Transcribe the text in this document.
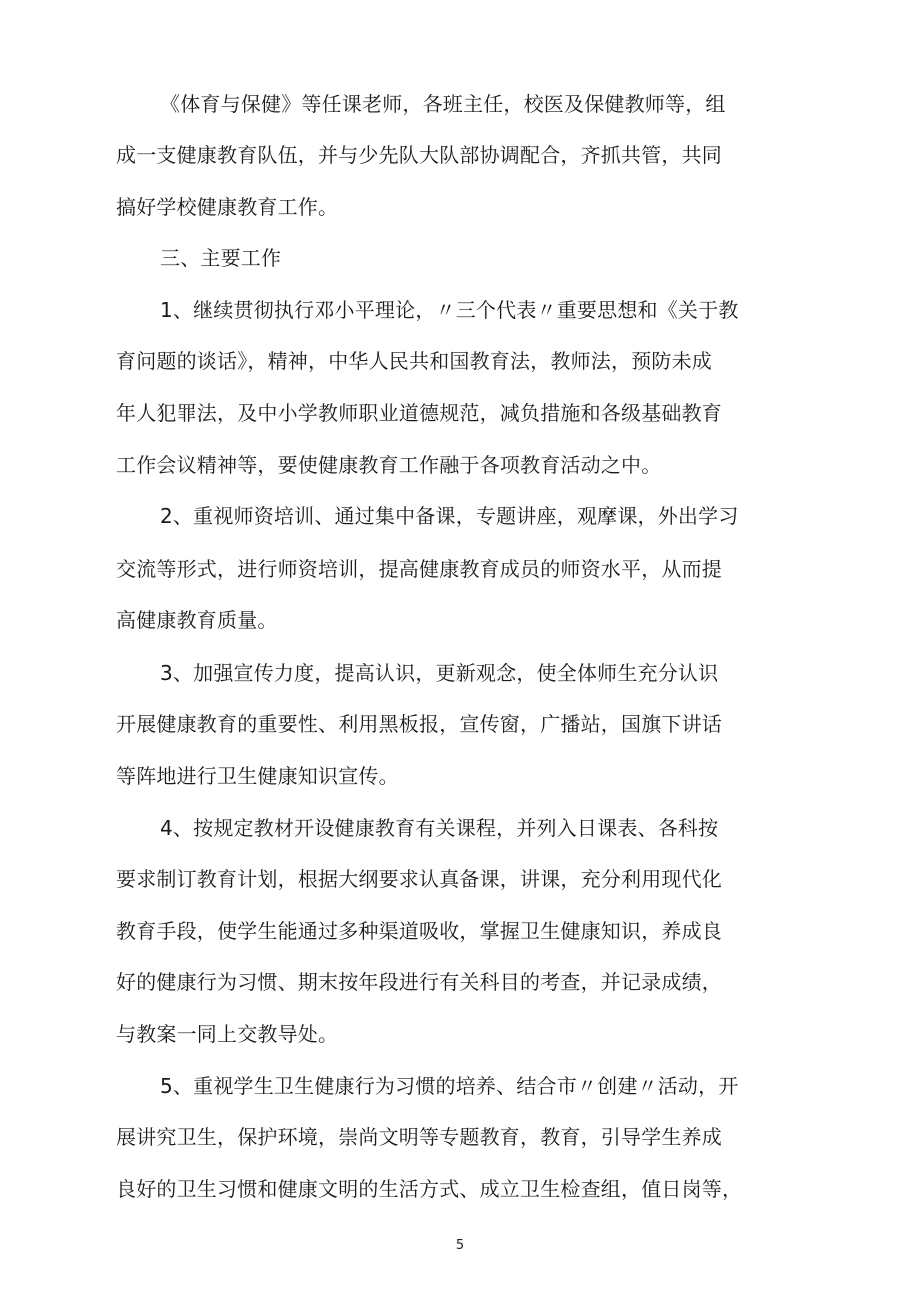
《体育与保健》等任课老师，各班主任，校医及保健教师等，组
成一支健康教育队伍，并与少先队大队部协调配合，齐抓共管，共同
搞好学校健康教育工作。
三、主要工作
1、继续贯彻执行邓小平理论，〃三个代表〃重要思想和《关于教
育问题的谈话》，精神，中华人民共和国教育法，教师法，预防未成
年人犯罪法，及中小学教师职业道德规范，减负措施和各级基础教育
工作会议精神等，要使健康教育工作融于各项教育活动之中。
2、重视师资培训、通过集中备课，专题讲座，观摩课，外出学习
交流等形式，进行师资培训，提高健康教育成员的师资水平，从而提
高健康教育质量。
3、加强宣传力度，提高认识，更新观念，使全体师生充分认识
开展健康教育的重要性、利用黑板报，宣传窗，广播站，国旗下讲话
等阵地进行卫生健康知识宣传。
4、按规定教材开设健康教育有关课程，并列入日课表、各科按
要求制订教育计划，根据大纲要求认真备课，讲课，充分利用现代化
教育手段，使学生能通过多种渠道吸收，掌握卫生健康知识，养成良
好的健康行为习惯、期末按年段进行有关科目的考查，并记录成绩，
与教案一同上交教导处。
5、重视学生卫生健康行为习惯的培养、结合市〃创建〃活动，开
展讲究卫生，保护环境，崇尚文明等专题教育，教育，引导学生养成
良好的卫生习惯和健康文明的生活方式、成立卫生检查组，值日岗等，
5
